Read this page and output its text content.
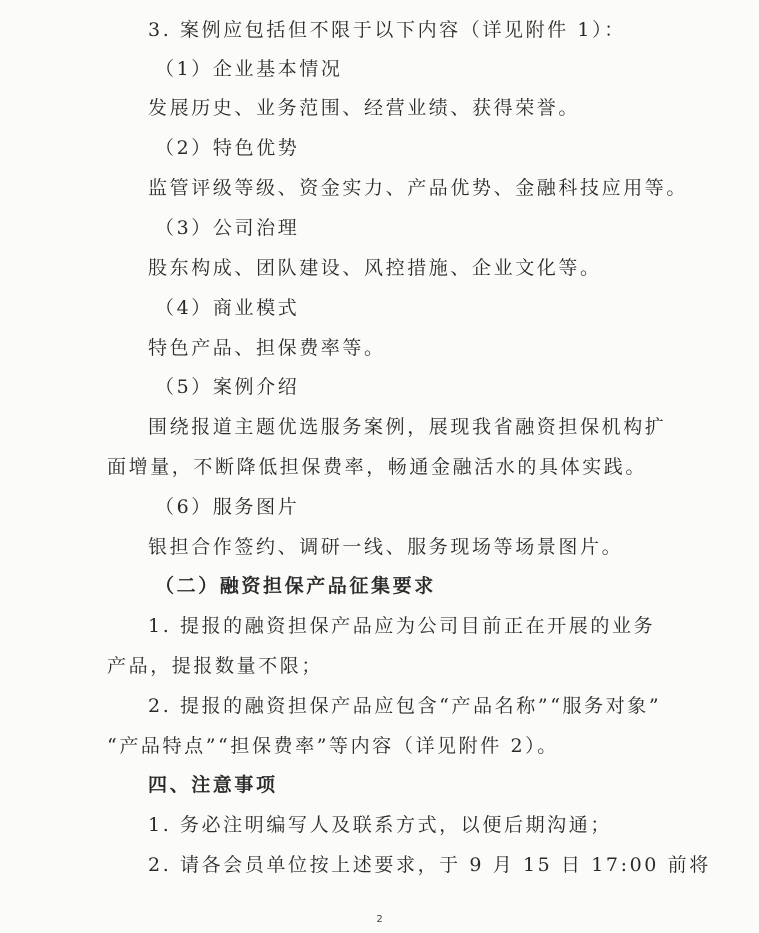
3. 案例应包括但不限于以下内容（详见附件 1）：
（1）企业基本情况
发展历史、业务范围、经营业绩、获得荣誉。
（2）特色优势
监管评级等级、资金实力、产品优势、金融科技应用等。
（3）公司治理
股东构成、团队建设、风控措施、企业文化等。
（4）商业模式
特色产品、担保费率等。
（5）案例介绍
围绕报道主题优选服务案例，展现我省融资担保机构扩
面增量，不断降低担保费率，畅通金融活水的具体实践。
（6）服务图片
银担合作签约、调研一线、服务现场等场景图片。
（二）融资担保产品征集要求
1. 提报的融资担保产品应为公司目前正在开展的业务
产品，提报数量不限；
2. 提报的融资担保产品应包含“产品名称”“服务对象”
“产品特点”“担保费率”等内容（详见附件 2）。
四、注意事项
1. 务必注明编写人及联系方式，以便后期沟通；
2. 请各会员单位按上述要求，于 9 月 15 日 17:00 前将
2
